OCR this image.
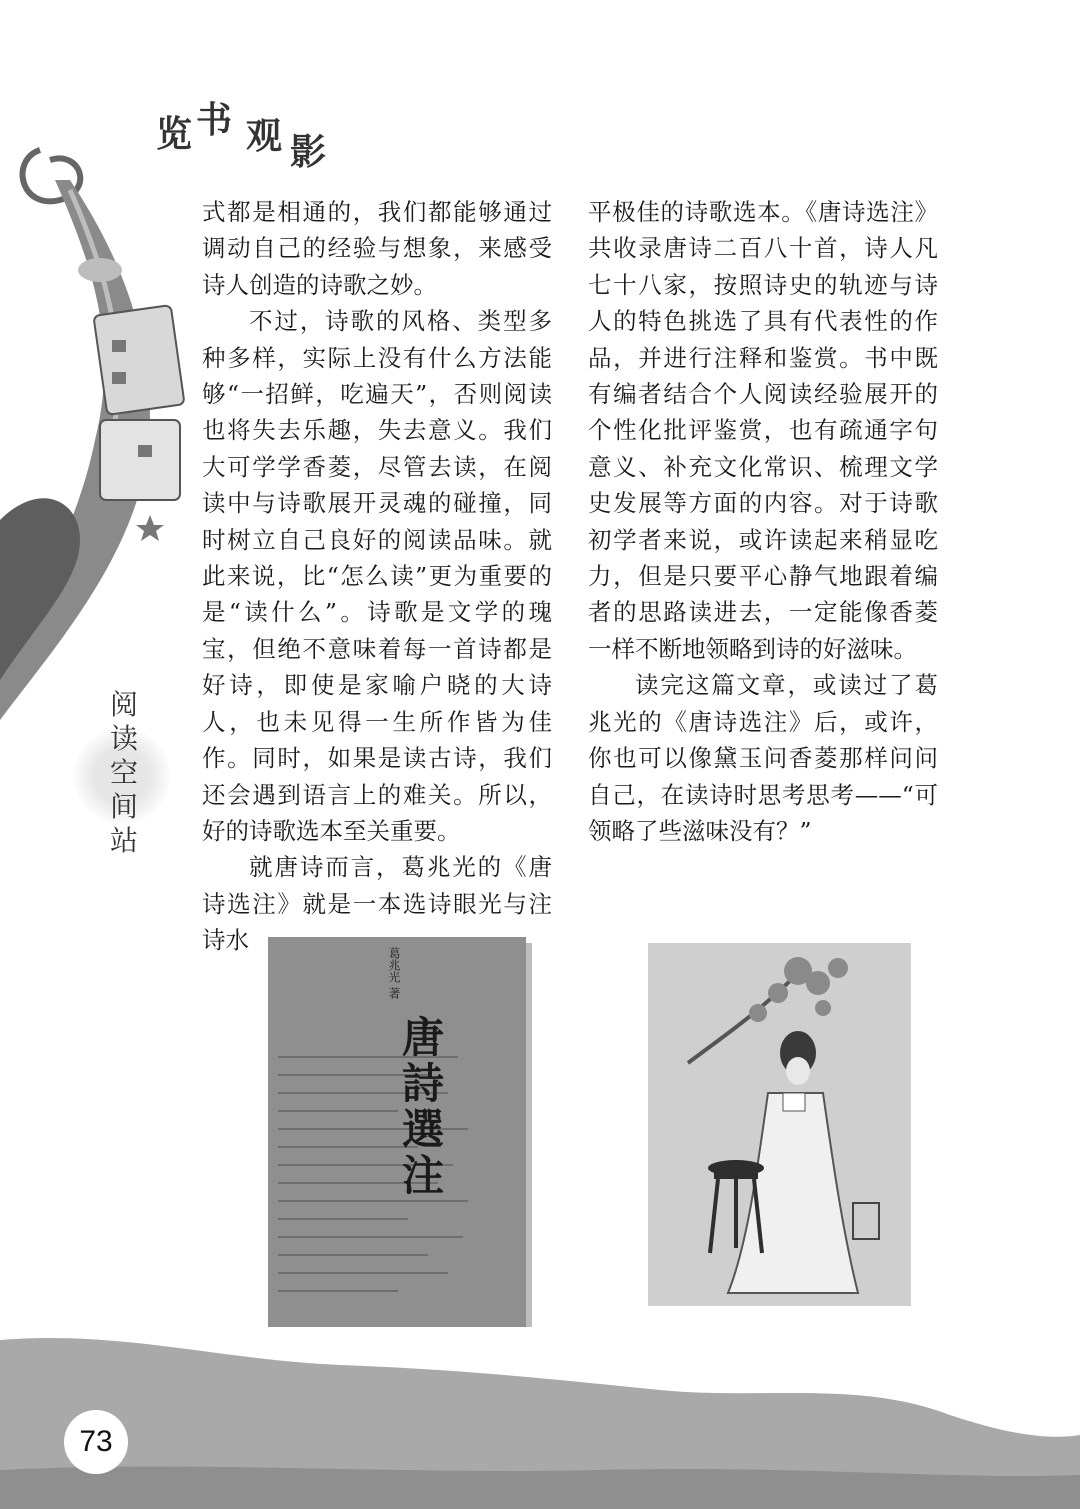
览 书 观 影
阅
读
空
间
站

式都是相通的，我们都能够通过调动自己的经验与想象，来感受诗人创造的诗歌之妙。

不过，诗歌的风格、类型多种多样，实际上没有什么方法能够“一招鲜，吃遍天”，否则阅读也将失去乐趣，失去意义。我们大可学学香菱，尽管去读，在阅读中与诗歌展开灵魂的碰撞，同时树立自己良好的阅读品味。就此来说，比“怎么读”更为重要的是“读什么”。诗歌是文学的瑰宝，但绝不意味着每一首诗都是好诗，即使是家喻户晓的大诗人，也未见得一生所作皆为佳作。同时，如果是读古诗，我们还会遇到语言上的难关。所以，好的诗歌选本至关重要。

就唐诗而言，葛兆光的《唐诗选注》就是一本选诗眼光与注诗水

平极佳的诗歌选本。《唐诗选注》共收录唐诗二百八十首，诗人凡七十八家，按照诗史的轨迹与诗人的特色挑选了具有代表性的作品，并进行注释和鉴赏。书中既有编者结合个人阅读经验展开的个性化批评鉴赏，也有疏通字句意义、补充文化常识、梳理文学史发展等方面的内容。对于诗歌初学者来说，或许读起来稍显吃力，但是只要平心静气地跟着编者的思路读进去，一定能像香菱一样不断地领略到诗的好滋味。

读完这篇文章，或读过了葛兆光的《唐诗选注》后，或许，你也可以像黛玉问香菱那样问问自己，在读诗时思考思考——“可领略了些滋味没有？”

葛兆光 著
唐詩選注
73
